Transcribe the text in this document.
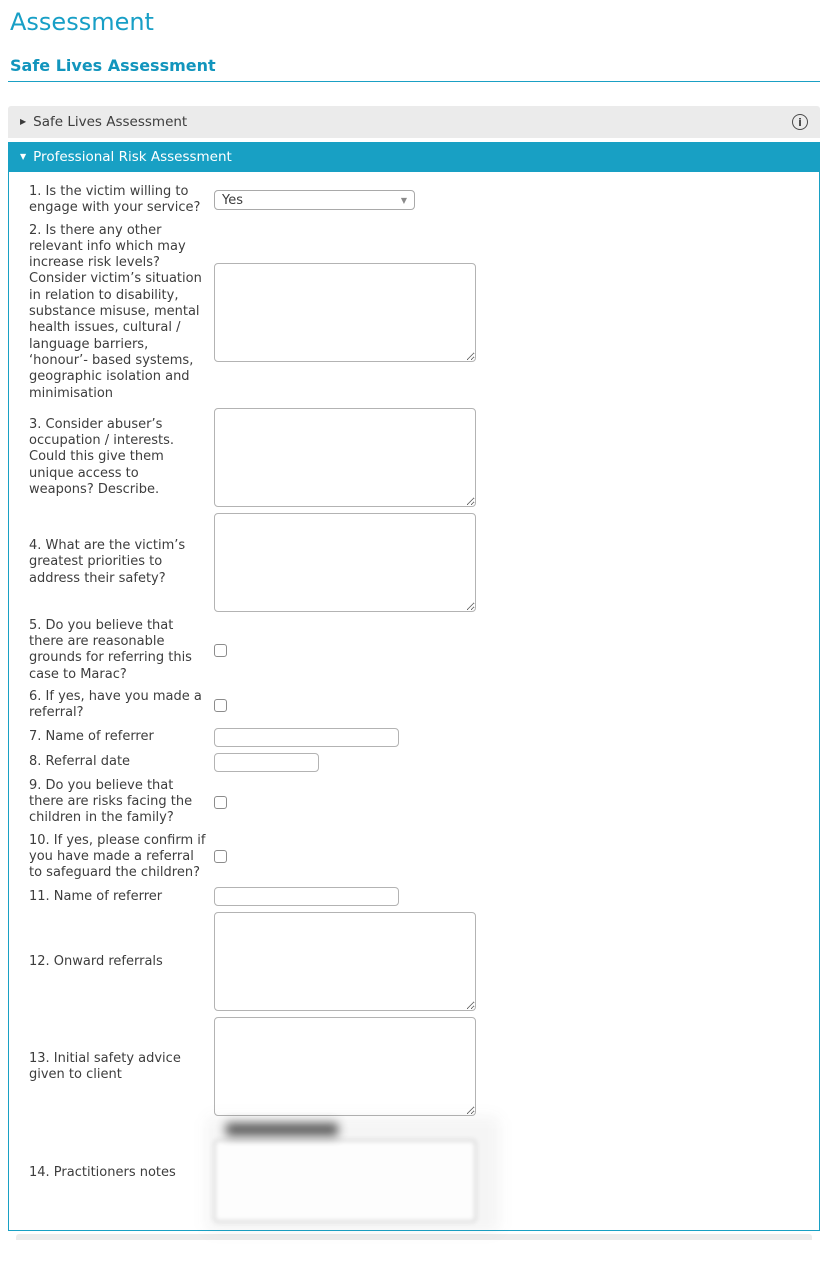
Assessment
Safe Lives Assessment
▶ Safe Lives Assessment	i
▼ Professional Risk Assessment
1. Is the victim willing to engage with your service?	Yes	▼
2. Is there any other relevant info which may increase risk levels? Consider victim’s situation in relation to disability, substance misuse, mental health issues, cultural / language barriers, ‘honour’- based systems, geographic isolation and minimisation
3. Consider abuser’s occupation / interests. Could this give them unique access to weapons? Describe.
4. What are the victim’s greatest priorities to address their safety?
5. Do you believe that there are reasonable grounds for referring this case to Marac?
6. If yes, have you made a referral?
7. Name of referrer
8. Referral date
9. Do you believe that there are risks facing the children in the family?
10. If yes, please confirm if you have made a referral to safeguard the children?
11. Name of referrer
12. Onward referrals
13. Initial safety advice given to client
14. Practitioners notes
